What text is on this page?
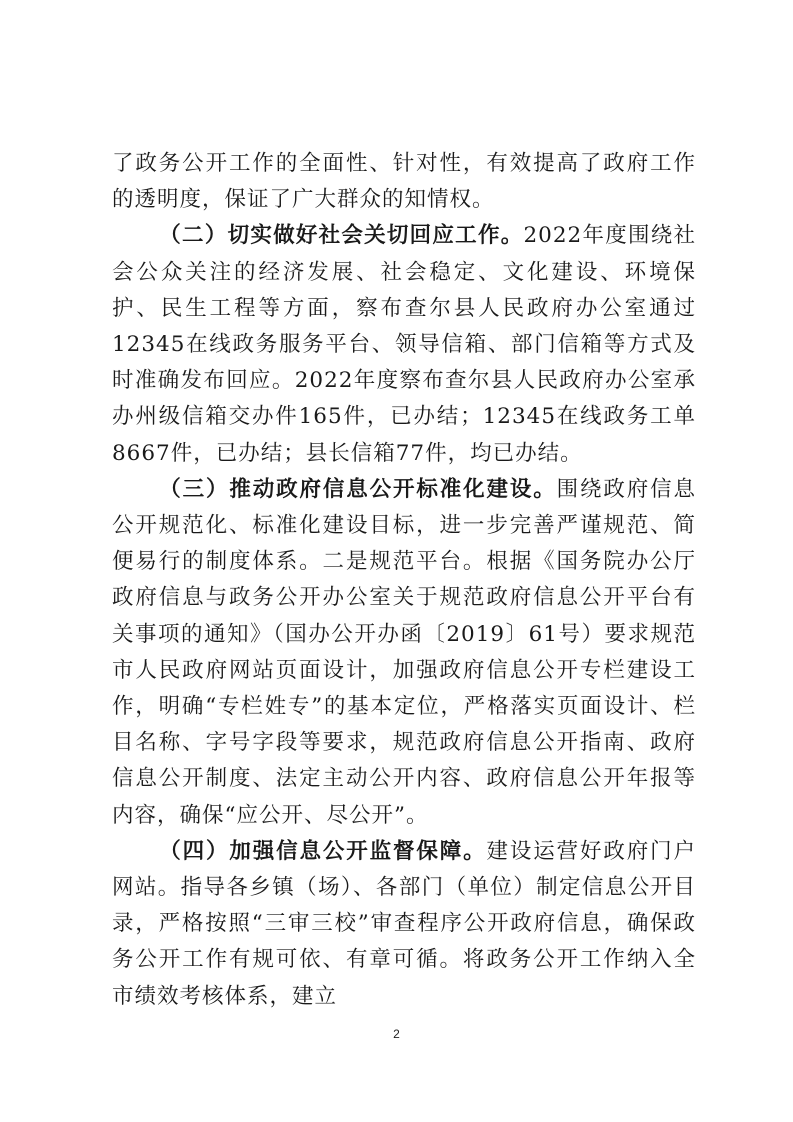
了政务公开工作的全面性、针对性，有效提高了政府工作的透明度，保证了广大群众的知情权。

（二）切实做好社会关切回应工作。2022年度围绕社会公众关注的经济发展、社会稳定、文化建设、环境保护、民生工程等方面，察布查尔县人民政府办公室通过12345在线政务服务平台、领导信箱、部门信箱等方式及时准确发布回应。2022年度察布查尔县人民政府办公室承办州级信箱交办件165件，已办结；12345在线政务工单8667件，已办结；县长信箱77件，均已办结。

（三）推动政府信息公开标准化建设。围绕政府信息公开规范化、标准化建设目标，进一步完善严谨规范、简便易行的制度体系。二是规范平台。根据《国务院办公厅政府信息与政务公开办公室关于规范政府信息公开平台有关事项的通知》（国办公开办函〔2019〕61号）要求规范市人民政府网站页面设计，加强政府信息公开专栏建设工作，明确“专栏姓专”的基本定位，严格落实页面设计、栏目名称、字号字段等要求，规范政府信息公开指南、政府信息公开制度、法定主动公开内容、政府信息公开年报等内容，确保“应公开、尽公开”。

（四）加强信息公开监督保障。建设运营好政府门户网站。指导各乡镇（场）、各部门（单位）制定信息公开目录，严格按照“三审三校”审查程序公开政府信息，确保政务公开工作有规可依、有章可循。将政务公开工作纳入全市绩效考核体系，建立

2
